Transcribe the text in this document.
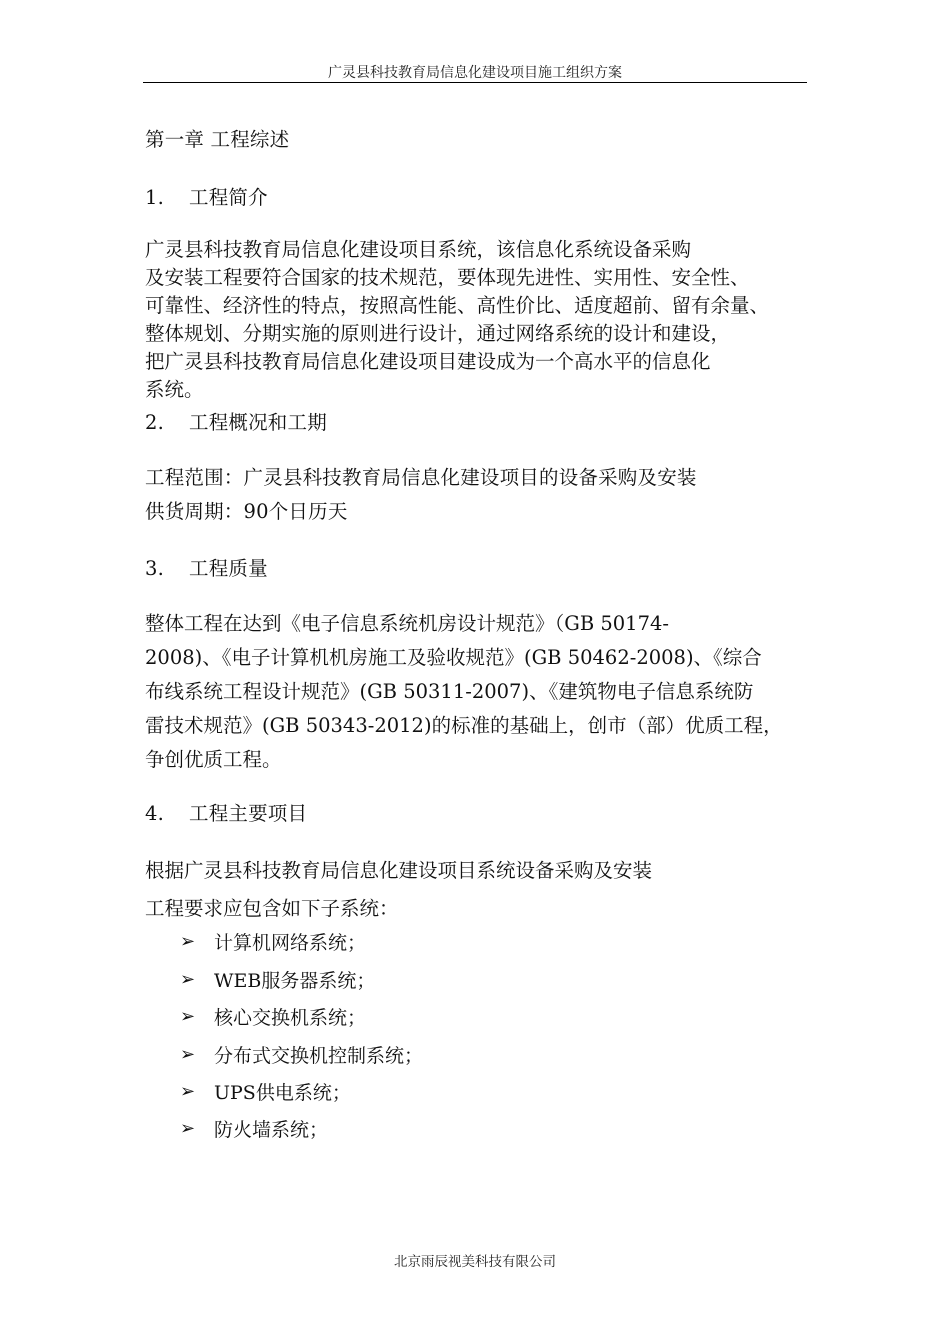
广灵县科技教育局信息化建设项目施工组织方案
第一章 工程综述
1. 工程简介
广灵县科技教育局信息化建设项目系统，该信息化系统设备采购
及安装工程要符合国家的技术规范，要体现先进性、实用性、安全性、
可靠性、经济性的特点，按照高性能、高性价比、适度超前、留有余量、
整体规划、分期实施的原则进行设计，通过网络系统的设计和建设，
把广灵县科技教育局信息化建设项目建设成为一个高水平的信息化
系统。
2. 工程概况和工期
工程范围：广灵县科技教育局信息化建设项目的设备采购及安装
供货周期：90个日历天
3. 工程质量
整体工程在达到《电子信息系统机房设计规范》（GB 50174-
2008)、《电子计算机机房施工及验收规范》(GB 50462-2008)、《综合
布线系统工程设计规范》(GB 50311-2007)、《建筑物电子信息系统防
雷技术规范》(GB 50343-2012)的标准的基础上，创市（部）优质工程，
争创优质工程。
4. 工程主要项目
根据广灵县科技教育局信息化建设项目系统设备采购及安装
工程要求应包含如下子系统：
➢ 计算机网络系统；
➢ WEB服务器系统；
➢ 核心交换机系统；
➢ 分布式交换机控制系统；
➢ UPS供电系统；
➢ 防火墙系统；
北京雨辰视美科技有限公司
